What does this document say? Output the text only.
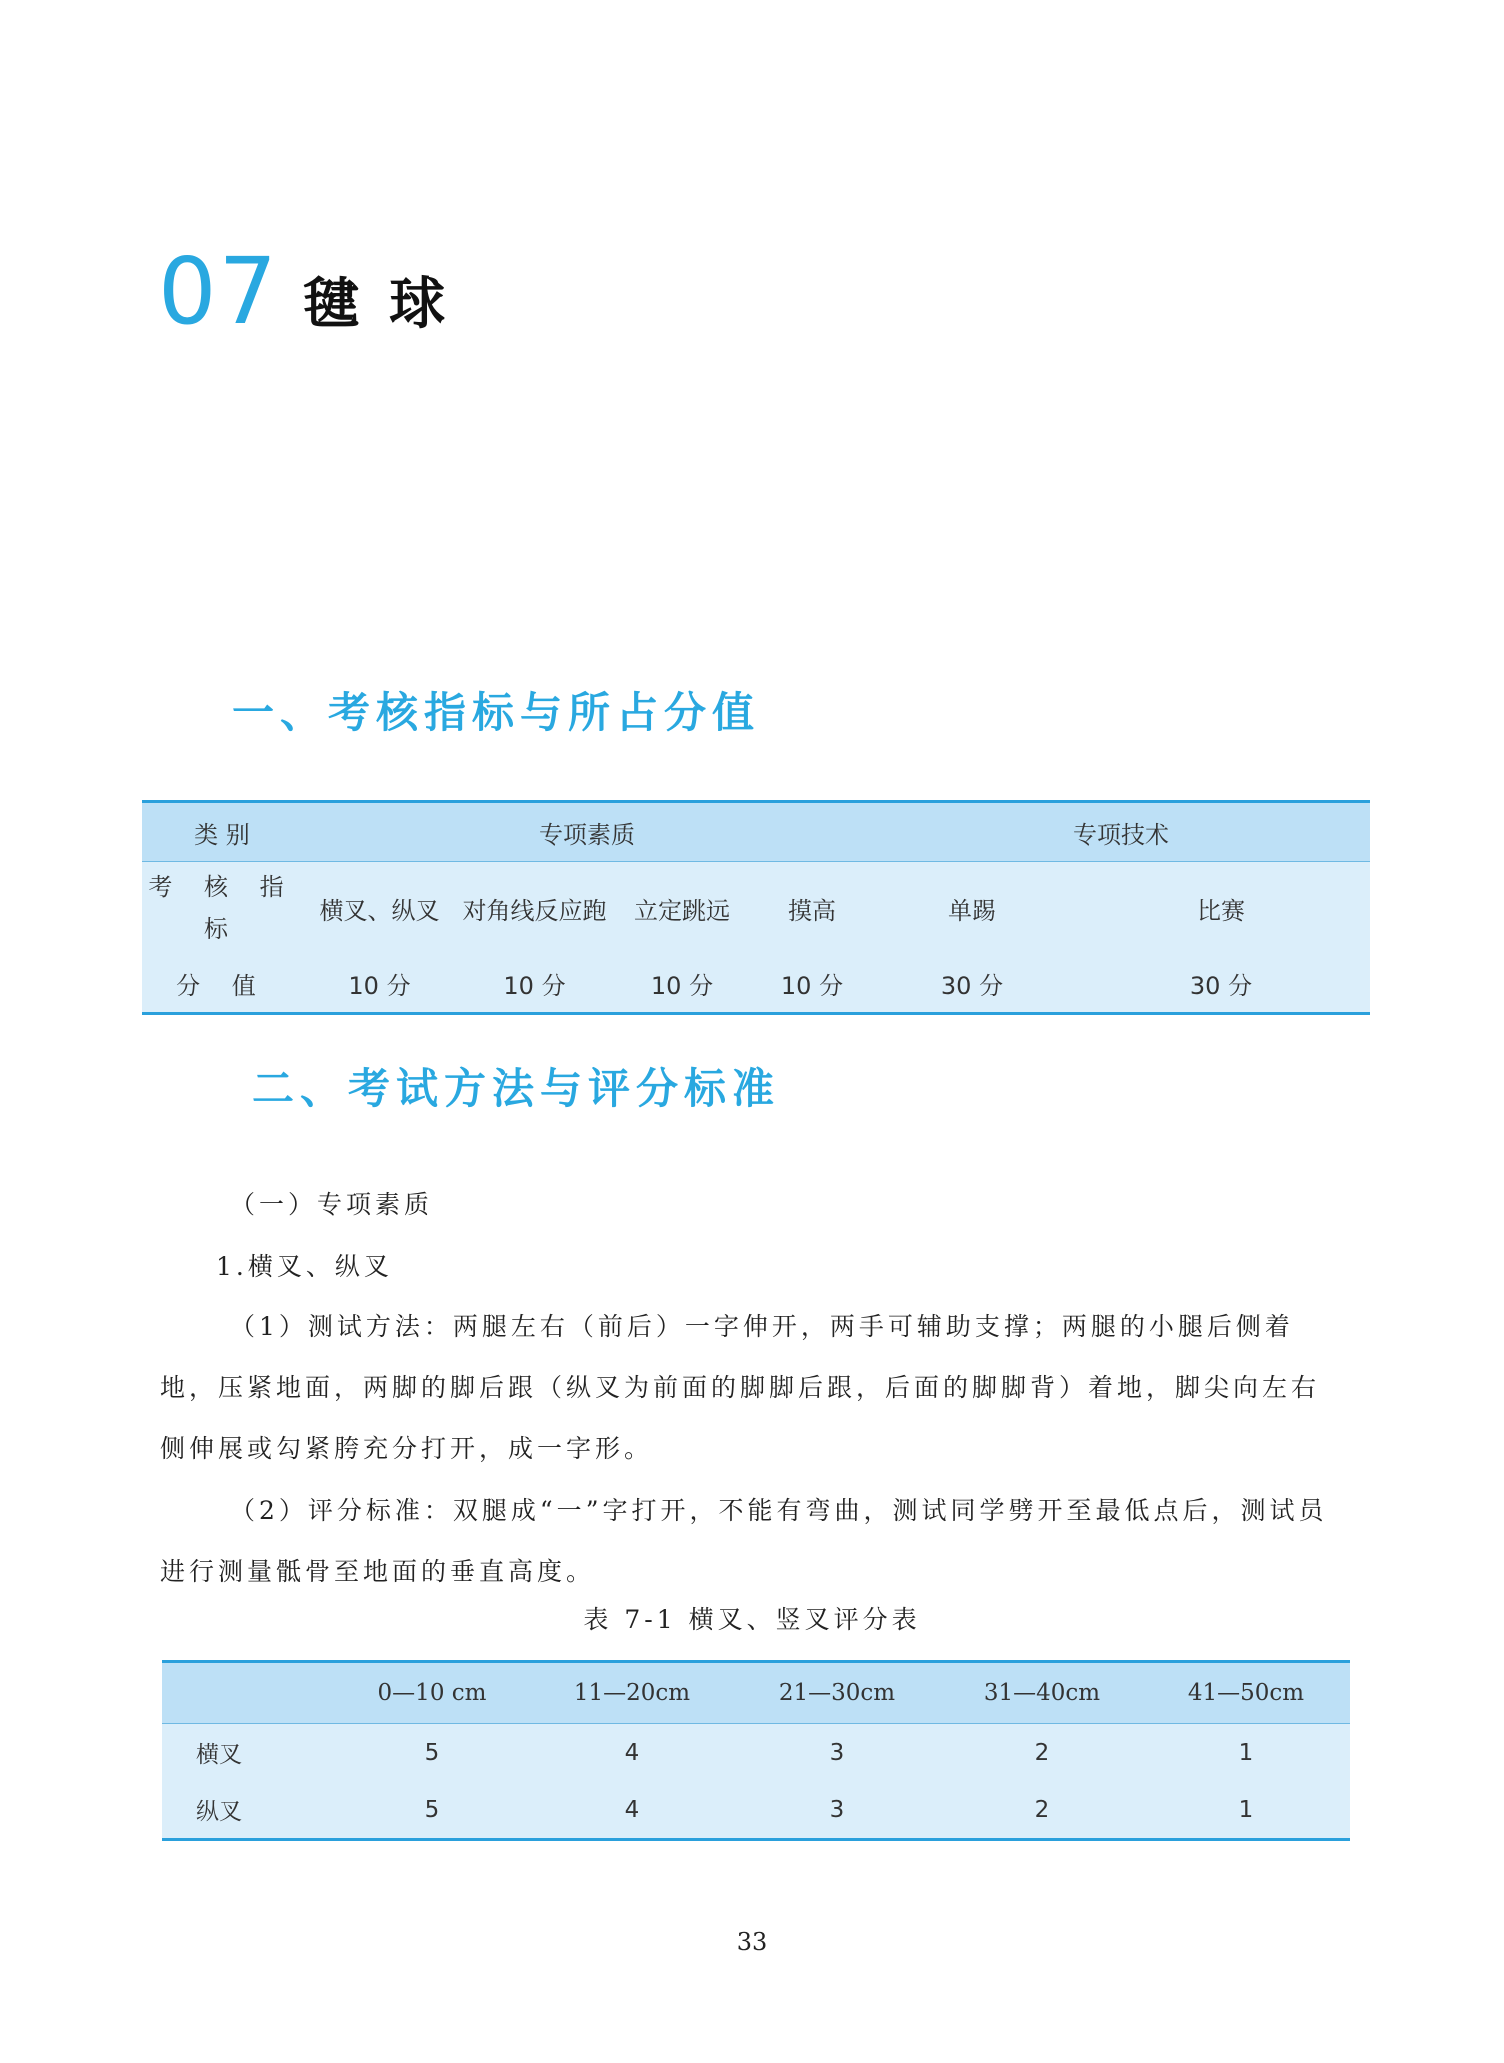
07 毽球
一、考核指标与所占分值
类 别	专项素质				专项技术	
考 核 指 标	横叉、纵叉	对角线反应跑	立定跳远	摸高	单踢	比赛
分 值	10 分	10 分	10 分	10 分	30 分	30 分
二、考试方法与评分标准
（一）专项素质
1.横叉、纵叉
（1）测试方法：两腿左右（前后）一字伸开，两手可辅助支撑；两腿的小腿后侧着地，压紧地面，两脚的脚后跟（纵叉为前面的脚脚后跟，后面的脚脚背）着地，脚尖向左右侧伸展或勾紧胯充分打开，成一字形。
（2）评分标准：双腿成“一”字打开，不能有弯曲，测试同学劈开至最低点后，测试员进行测量骶骨至地面的垂直高度。
表 7-1 横叉、竖叉评分表
	0—10 cm	11—20cm	21—30cm	31—40cm	41—50cm
横叉	5	4	3	2	1
纵叉	5	4	3	2	1
33
